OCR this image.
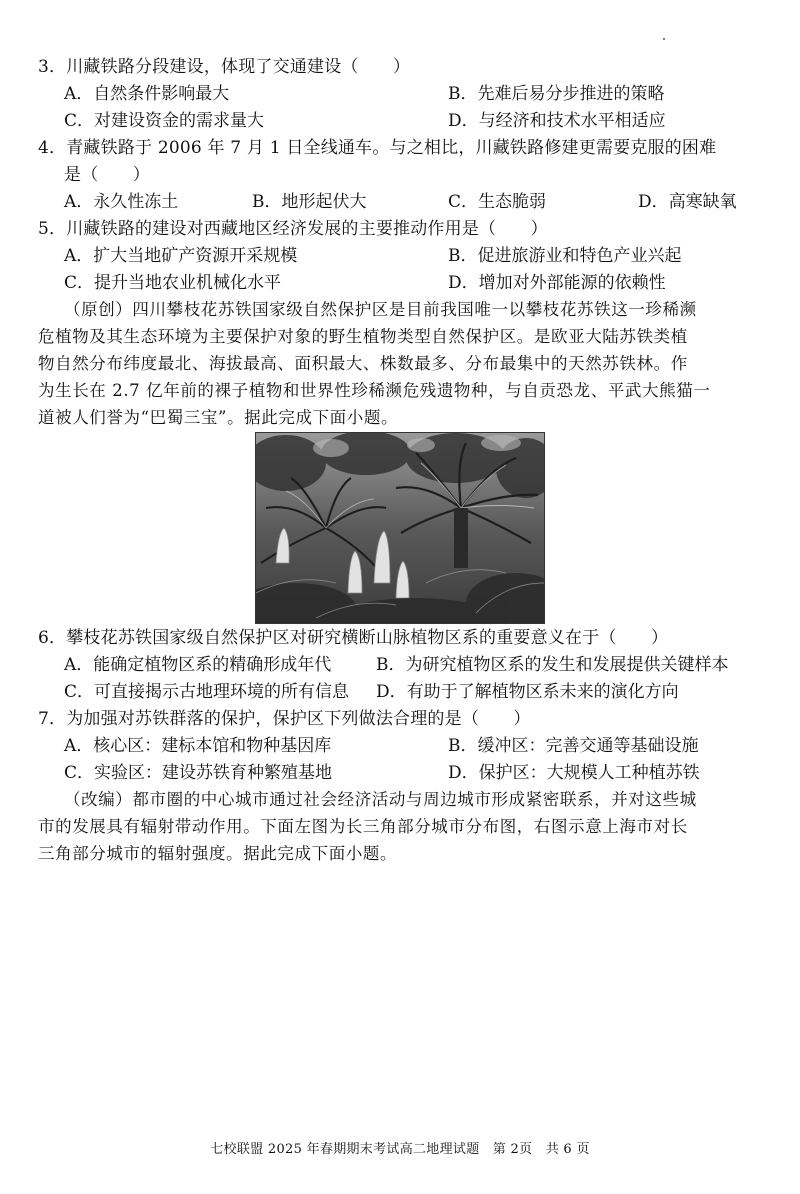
3．川藏铁路分段建设，体现了交通建设（　　）
A．自然条件影响最大	B．先难后易分步推进的策略
C．对建设资金的需求量大	D．与经济和技术水平相适应
4．青藏铁路于 2006 年 7 月 1 日全线通车。与之相比，川藏铁路修建更需要克服的困难
是（　　）
A．永久性冻土	B．地形起伏大	C．生态脆弱	D．高寒缺氧
5．川藏铁路的建设对西藏地区经济发展的主要推动作用是（　　）
A．扩大当地矿产资源开采规模	B．促进旅游业和特色产业兴起
C．提升当地农业机械化水平	D．增加对外部能源的依赖性
（原创）四川攀枝花苏铁国家级自然保护区是目前我国唯一以攀枝花苏铁这一珍稀濒
危植物及其生态环境为主要保护对象的野生植物类型自然保护区。是欧亚大陆苏铁类植
物自然分布纬度最北、海拔最高、面积最大、株数最多、分布最集中的天然苏铁林。作
为生长在 2.7 亿年前的裸子植物和世界性珍稀濒危残遗物种，与自贡恐龙、平武大熊猫一
道被人们誉为“巴蜀三宝”。据此完成下面小题。
6．攀枝花苏铁国家级自然保护区对研究横断山脉植物区系的重要意义在于（　　）
A．能确定植物区系的精确形成年代	B．为研究植物区系的发生和发展提供关键样本
C．可直接揭示古地理环境的所有信息 D．有助于了解植物区系未来的演化方向
7．为加强对苏铁群落的保护，保护区下列做法合理的是（　　）
A．核心区：建标本馆和物种基因库	B．缓冲区：完善交通等基础设施
C．实验区：建设苏铁育种繁殖基地	D．保护区：大规模人工种植苏铁
（改编）都市圈的中心城市通过社会经济活动与周边城市形成紧密联系，并对这些城
市的发展具有辐射带动作用。下面左图为长三角部分城市分布图，右图示意上海市对长
三角部分城市的辐射强度。据此完成下面小题。
七校联盟 2025 年春期期末考试高二地理试题　第 2页　共 6 页
